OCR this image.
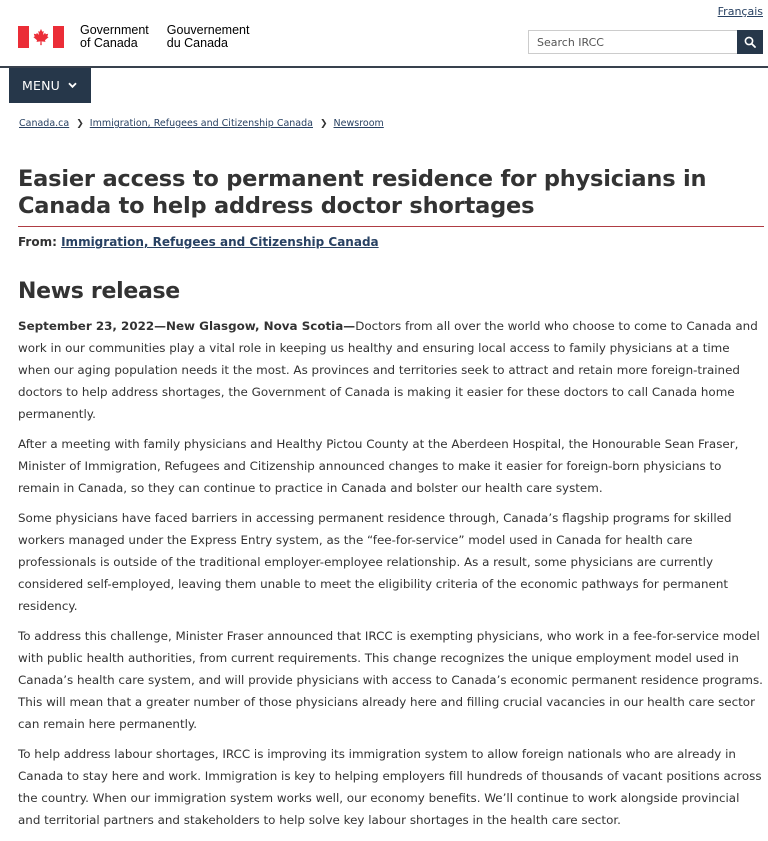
Français
Government
of Canada
Gouvernement
du Canada
Search IRCC
MENU
Canada.ca ❯ Immigration, Refugees and Citizenship Canada ❯ Newsroom
Easier access to permanent residence for physicians in Canada to help address doctor shortages
From: Immigration, Refugees and Citizenship Canada
News release

September 23, 2022—New Glasgow, Nova Scotia—Doctors from all over the world who choose to come to Canada and work in our communities play a vital role in keeping us healthy and ensuring local access to family physicians at a time when our aging population needs it the most. As provinces and territories seek to attract and retain more foreign-trained doctors to help address shortages, the Government of Canada is making it easier for these doctors to call Canada home permanently.

After a meeting with family physicians and Healthy Pictou County at the Aberdeen Hospital, the Honourable Sean Fraser, Minister of Immigration, Refugees and Citizenship announced changes to make it easier for foreign-born physicians to remain in Canada, so they can continue to practice in Canada and bolster our health care system.

Some physicians have faced barriers in accessing permanent residence through, Canada’s flagship programs for skilled workers managed under the Express Entry system, as the “fee-for-service” model used in Canada for health care professionals is outside of the traditional employer-employee relationship. As a result, some physicians are currently considered self-employed, leaving them unable to meet the eligibility criteria of the economic pathways for permanent residency.

To address this challenge, Minister Fraser announced that IRCC is exempting physicians, who work in a fee-for-service model with public health authorities, from current requirements. This change recognizes the unique employment model used in Canada’s health care system, and will provide physicians with access to Canada’s economic permanent residence programs. This will mean that a greater number of those physicians already here and filling crucial vacancies in our health care sector can remain here permanently.

To help address labour shortages, IRCC is improving its immigration system to allow foreign nationals who are already in Canada to stay here and work. Immigration is key to helping employers fill hundreds of thousands of vacant positions across the country. When our immigration system works well, our economy benefits. We’ll continue to work alongside provincial and territorial partners and stakeholders to help solve key labour shortages in the health care sector.
